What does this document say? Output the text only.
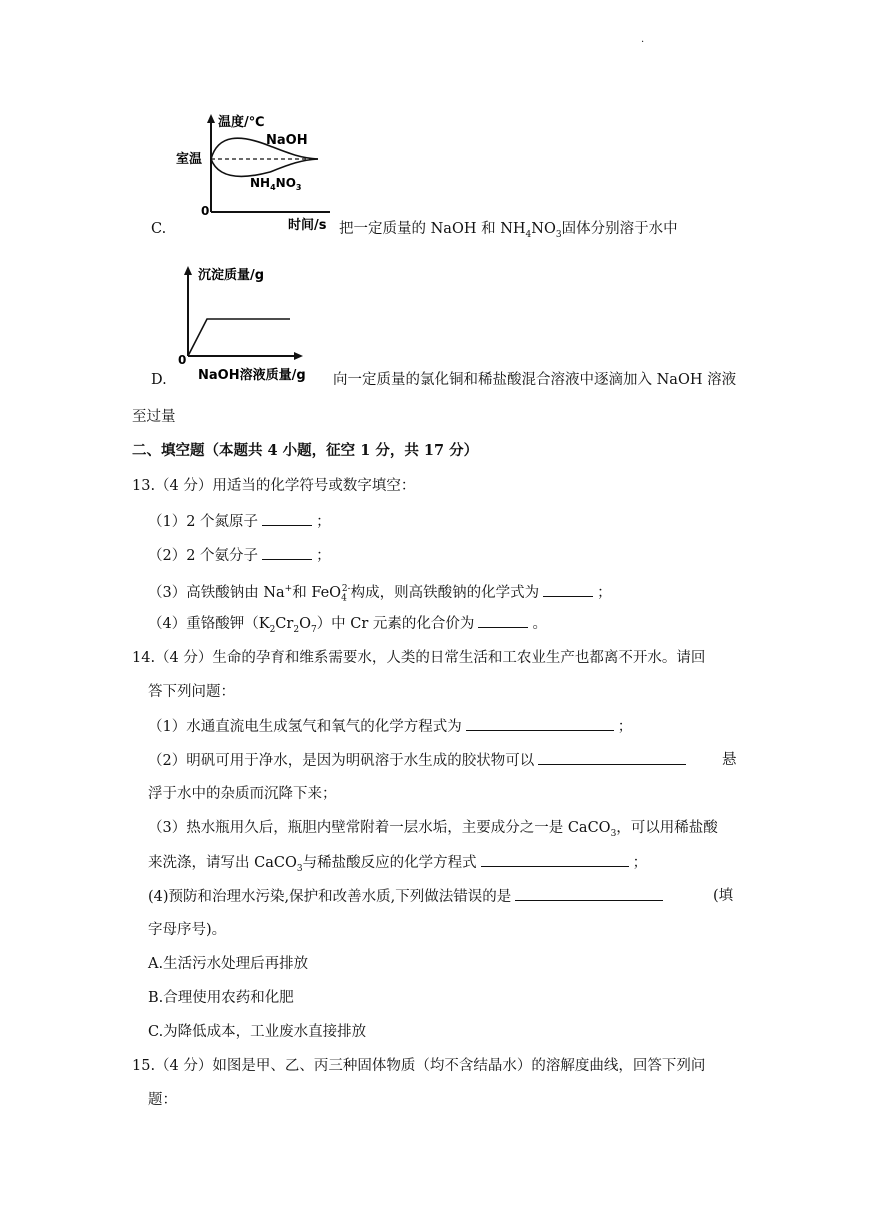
.
温度/℃
室温
NaOH
$NH_4NO_3$
0
时间/s
C.	把一定质量的 NaOH 和 $NH_4NO_3$固体分别溶于水中
沉淀质量/g
0
NaOH溶液质量/g
D.	向一定质量的氯化铜和稀盐酸混合溶液中逐滴加入 NaOH 溶液
至过量
二、填空题（本题共 4 小题，征空 1 分，共 17 分）
13.（4 分）用适当的化学符号或数字填空：
（1）2 个氮原子	；
（2）2 个氨分子	；
（3）高铁酸钠由 Na+和 FeO$_4^{2-}$构成，则高铁酸钠的化学式为	；
（4）重铬酸钾$(K_2Cr_2O_7)$中 Cr 元素的化合价为	。
14.（4 分）生命的孕育和维系需要水，人类的日常生活和工农业生产也都离不开水。请回
答下列问题：
（1）水通直流电生成氢气和氧气的化学方程式为	；
（2）明矾可用于净水，是因为明矾溶于水生成的胶状物可以	悬
浮于水中的杂质而沉降下来；
（3）热水瓶用久后，瓶胆内壁常附着一层水垢，主要成分之一是 CaCO$_3$，可以用稀盐酸
来洗涤，请写出 CaCO$_3$与稀盐酸反应的化学方程式	；
(4)预防和治理水污染,保护和改善水质,下列做法错误的是	(填
字母序号)。
A.生活污水处理后再排放
B.合理使用农药和化肥
C.为降低成本，工业废水直接排放
15.（4 分）如图是甲、乙、丙三种固体物质（均不含结晶水）的溶解度曲线，回答下列问
题：
